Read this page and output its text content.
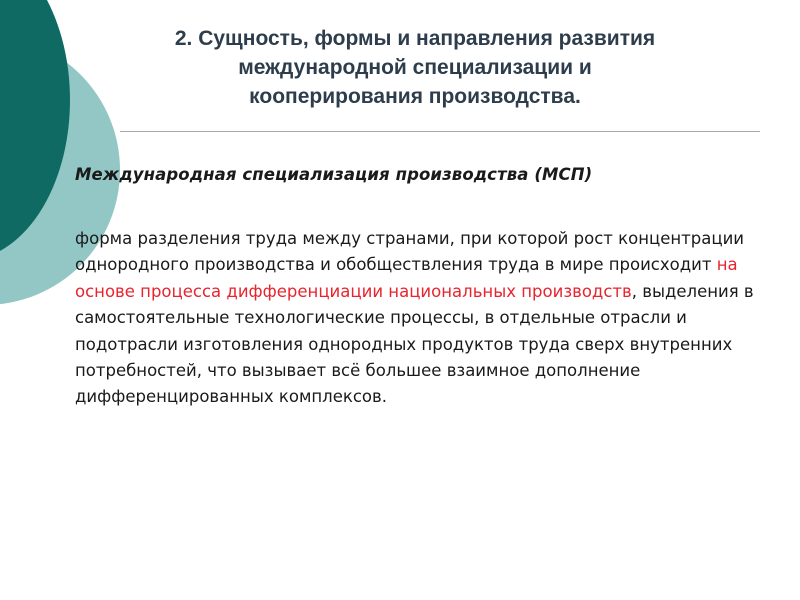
2. Сущность, формы и направления развития
международной специализации и
кооперирования производства.

Международная специализация производства (МСП)

форма разделения труда между странами, при которой рост концентрации однородного производства и обобществления труда в мире происходит на основе процесса дифференциации национальных производств, выделения в самостоятельные технологические процессы, в отдельные отрасли и подотрасли изготовления однородных продуктов труда сверх внутренних потребностей, что вызывает всё большее взаимное дополнение дифференцированных комплексов.
